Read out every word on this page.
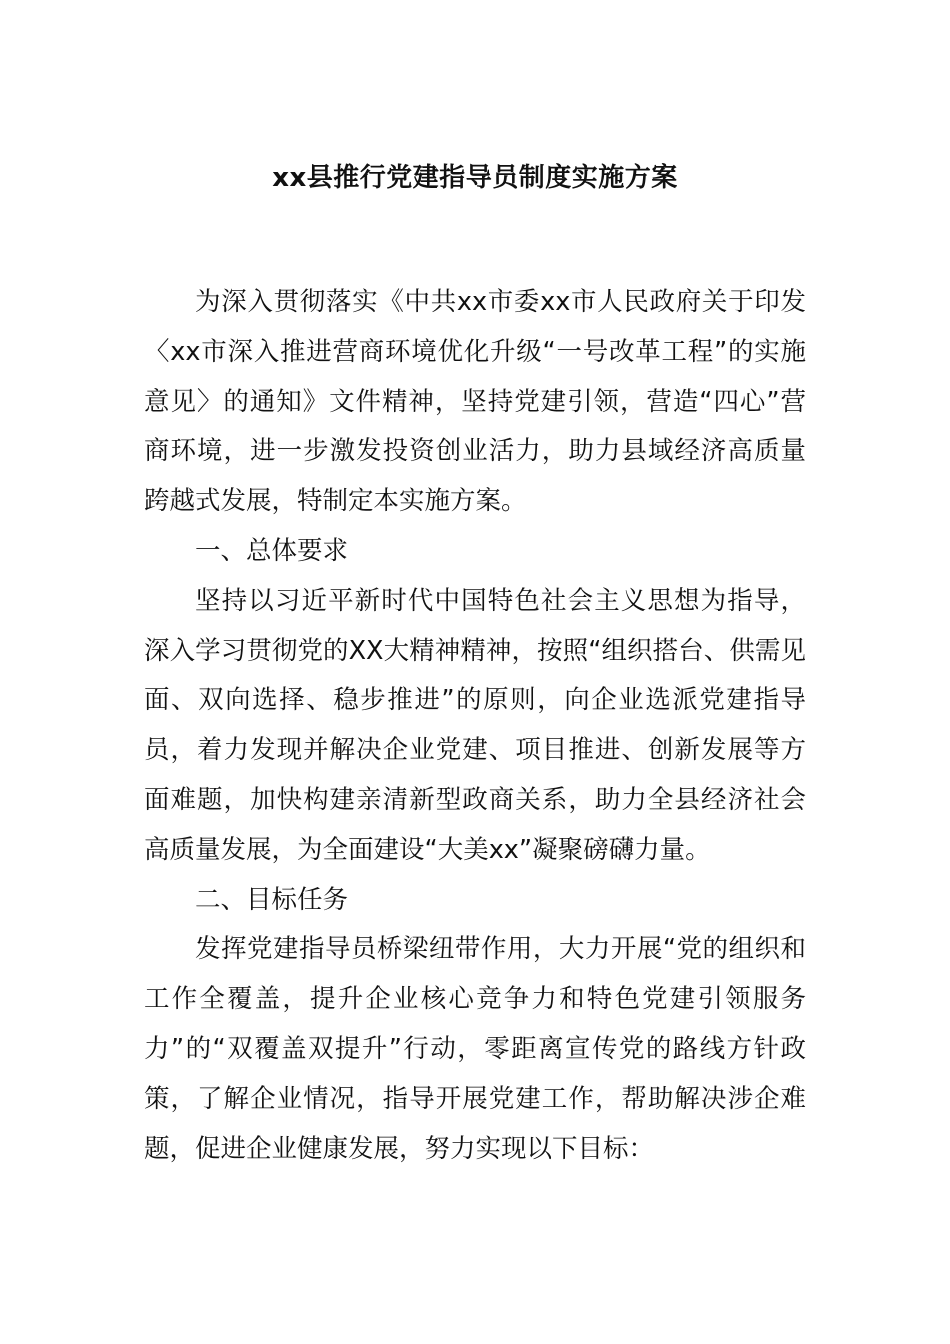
xx县推行党建指导员制度实施方案

为深入贯彻落实《中共xx市委xx市人民政府关于印发〈xx市深入推进营商环境优化升级“一号改革工程”的实施意见〉的通知》文件精神，坚持党建引领，营造“四心”营商环境，进一步激发投资创业活力，助力县域经济高质量跨越式发展，特制定本实施方案。

一、总体要求

坚持以习近平新时代中国特色社会主义思想为指导，深入学习贯彻党的XX大精神精神，按照“组织搭台、供需见面、双向选择、稳步推进”的原则，向企业选派党建指导员，着力发现并解决企业党建、项目推进、创新发展等方面难题，加快构建亲清新型政商关系，助力全县经济社会高质量发展，为全面建设“大美xx”凝聚磅礴力量。

二、目标任务

发挥党建指导员桥梁纽带作用，大力开展“党的组织和工作全覆盖，提升企业核心竞争力和特色党建引领服务力”的“双覆盖双提升”行动，零距离宣传党的路线方针政策，了解企业情况，指导开展党建工作，帮助解决涉企难题，促进企业健康发展，努力实现以下目标：
